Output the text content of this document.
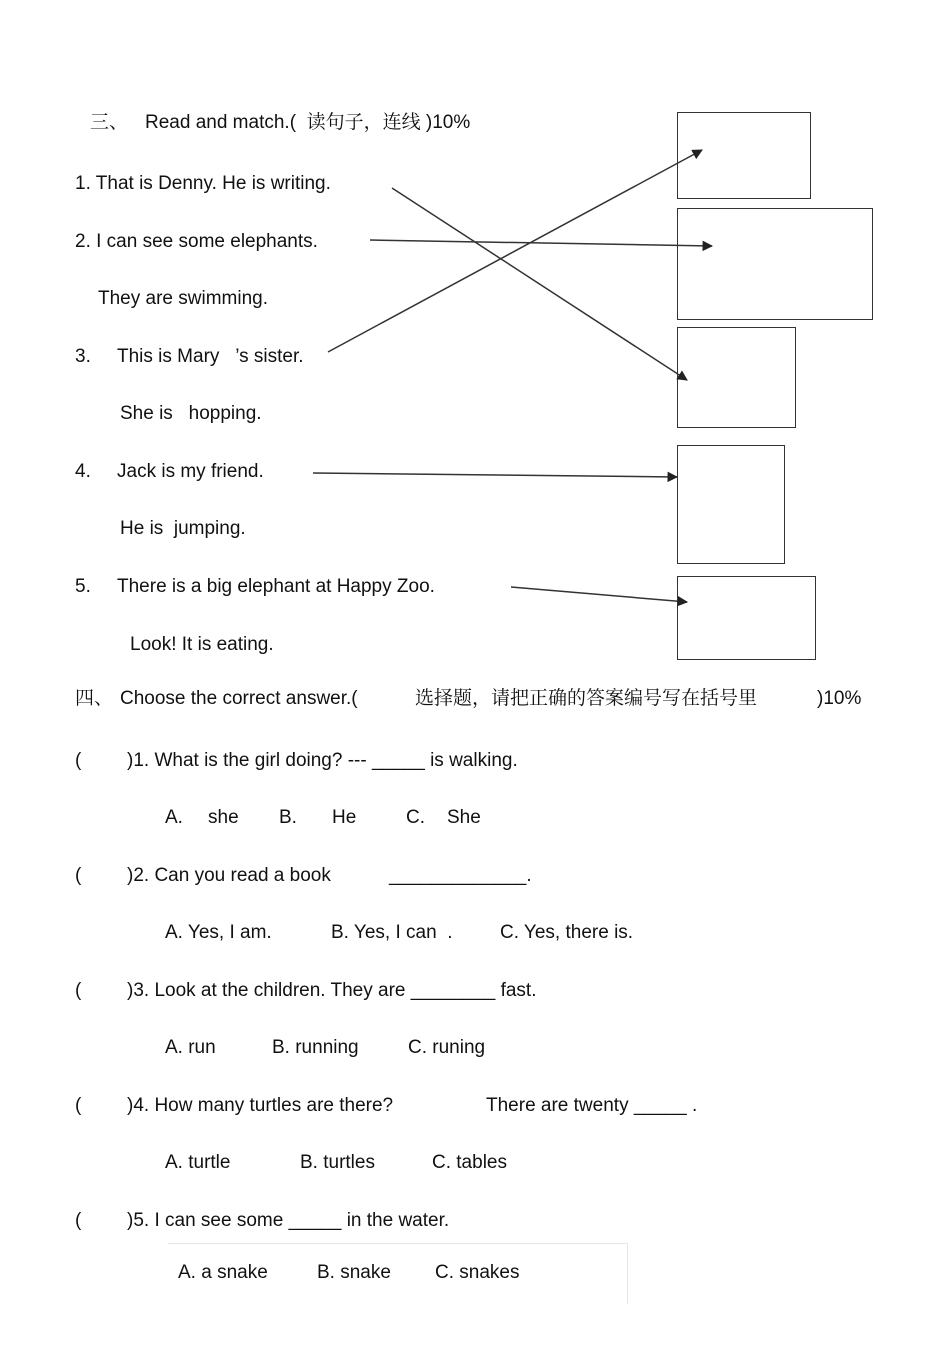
三、 Read and match.(  读句子，连线 )10%
1. That is Denny. He is writing.
2. I can see some elephants.
They are swimming.
3. This is Mary   ’s sister.
She is   hopping.
4. Jack is my friend.
He is  jumping.
5. There is a big elephant at Happy Zoo.
Look! It is eating.
四、 Choose the correct answer.(	选择题，请把正确的答案编号写在括号里	)10%
( )1. What is the girl doing? --- _____ is walking.
A. she B. He	C. She
( )2. Can you read a book	_____________.
A. Yes, I am.	B. Yes, I can  .	C. Yes, there is.
( )3. Look at the children. They are ________ fast.
A. run	B. running	C. runing
( )4. How many turtles are there?	There are twenty _____ .
A. turtle	B. turtles	C. tables
( )5. I can see some _____ in the water.
A. a snake	B. snake C. snakes
